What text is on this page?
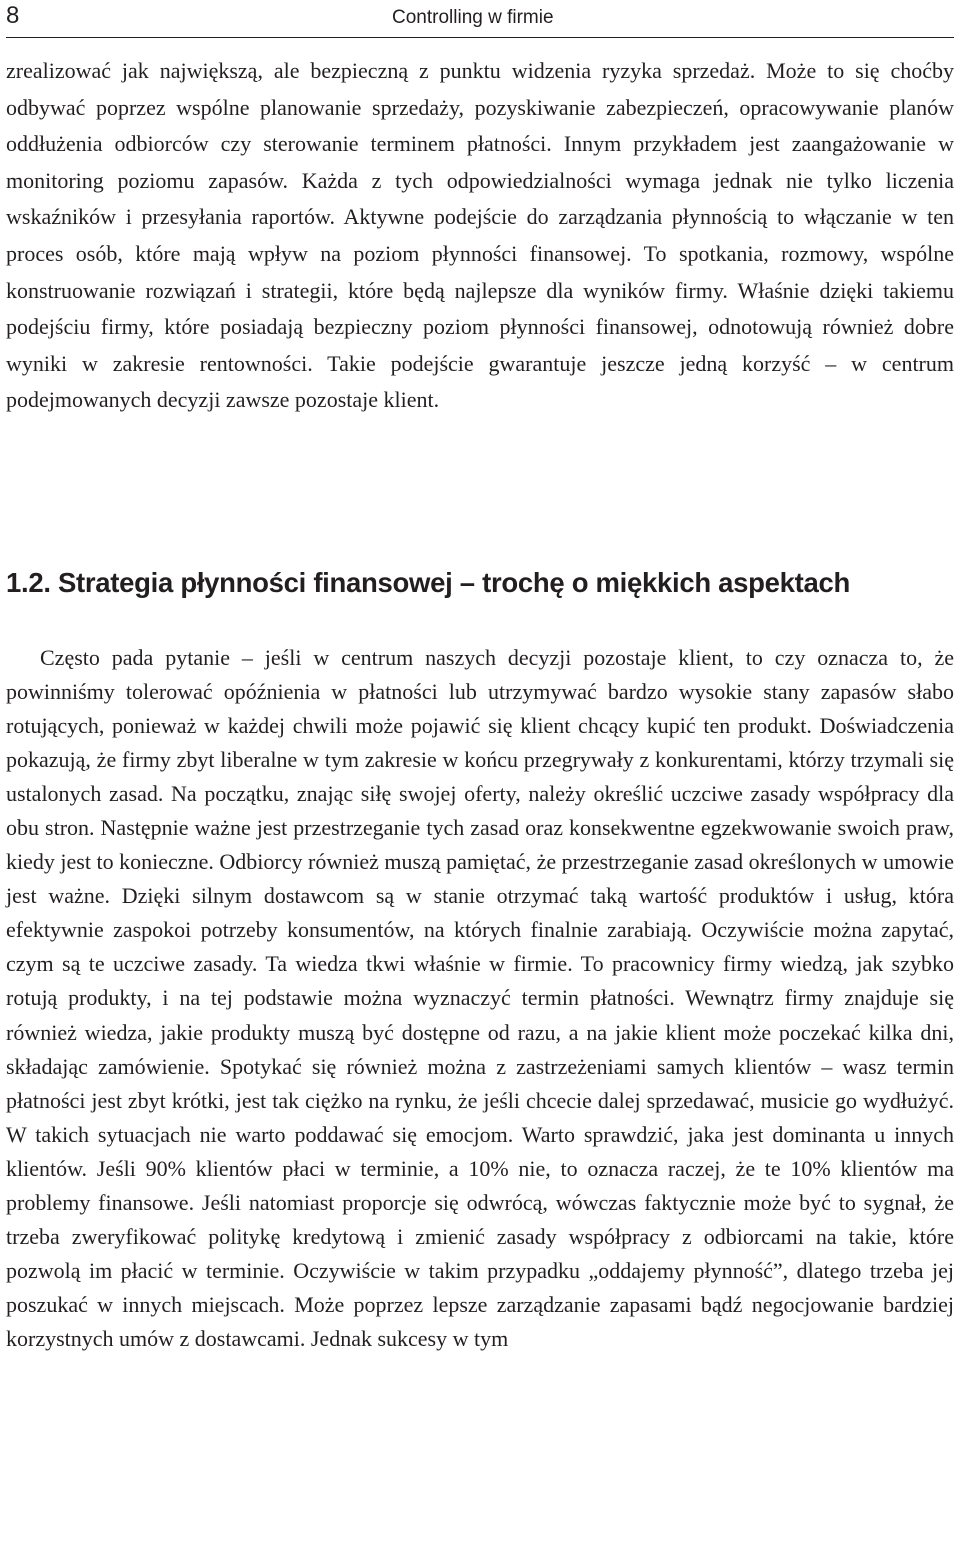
8	Controlling w firmie

zrealizować jak największą, ale bezpieczną z punktu widzenia ryzyka sprzedaż. Może to się choćby odbywać poprzez wspólne planowanie sprzedaży, pozyskiwanie zabezpieczeń, opracowywanie planów oddłużenia odbiorców czy sterowanie terminem płatności. Innym przykładem jest zaangażowanie w monitoring poziomu zapasów. Każda z tych odpowiedzialności wymaga jednak nie tylko liczenia wskaźników i przesyłania raportów. Aktywne podejście do zarządzania płynnością to włączanie w ten proces osób, które mają wpływ na poziom płynności finansowej. To spotkania, rozmowy, wspólne konstruowanie rozwiązań i strategii, które będą najlepsze dla wyników firmy. Właśnie dzięki takiemu podejściu firmy, które posiadają bezpieczny poziom płynności finansowej, odnotowują również dobre wyniki w zakresie rentowności. Takie podejście gwarantuje jeszcze jedną korzyść – w centrum podejmowanych decyzji zawsze pozostaje klient.

1.2. Strategia płynności finansowej – trochę o miękkich aspektach

Często pada pytanie – jeśli w centrum naszych decyzji pozostaje klient, to czy oznacza to, że powinniśmy tolerować opóźnienia w płatności lub utrzymywać bardzo wysokie stany zapasów słabo rotujących, ponieważ w każdej chwili może pojawić się klient chcący kupić ten produkt. Doświadczenia pokazują, że firmy zbyt liberalne w tym zakresie w końcu przegrywały z konkurentami, którzy trzymali się ustalonych zasad. Na początku, znając siłę swojej oferty, należy określić uczciwe zasady współpracy dla obu stron. Następnie ważne jest przestrzeganie tych zasad oraz konsekwentne egzekwowanie swoich praw, kiedy jest to konieczne. Odbiorcy również muszą pamiętać, że przestrzeganie zasad określonych w umowie jest ważne. Dzięki silnym dostawcom są w stanie otrzymać taką wartość produktów i usług, która efektywnie zaspokoi potrzeby konsumentów, na których finalnie zarabiają. Oczywiście można zapytać, czym są te uczciwe zasady. Ta wiedza tkwi właśnie w firmie. To pracownicy firmy wiedzą, jak szybko rotują produkty, i na tej podstawie można wyznaczyć termin płatności. Wewnątrz firmy znajduje się również wiedza, jakie produkty muszą być dostępne od razu, a na jakie klient może poczekać kilka dni, składając zamówienie. Spotykać się również można z zastrzeżeniami samych klientów – wasz termin płatności jest zbyt krótki, jest tak ciężko na rynku, że jeśli chcecie dalej sprzedawać, musicie go wydłużyć. W takich sytuacjach nie warto poddawać się emocjom. Warto sprawdzić, jaka jest dominanta u innych klientów. Jeśli 90% klientów płaci w terminie, a 10% nie, to oznacza raczej, że te 10% klientów ma problemy finansowe. Jeśli natomiast proporcje się odwrócą, wówczas faktycznie może być to sygnał, że trzeba zweryfikować politykę kredytową i zmienić zasady współpracy z odbiorcami na takie, które pozwolą im płacić w terminie. Oczywiście w takim przypadku „oddajemy płynność”, dlatego trzeba jej poszukać w innych miejscach. Może poprzez lepsze zarządzanie zapasami bądź negocjowanie bardziej korzystnych umów z dostawcami. Jednak sukcesy w tym
